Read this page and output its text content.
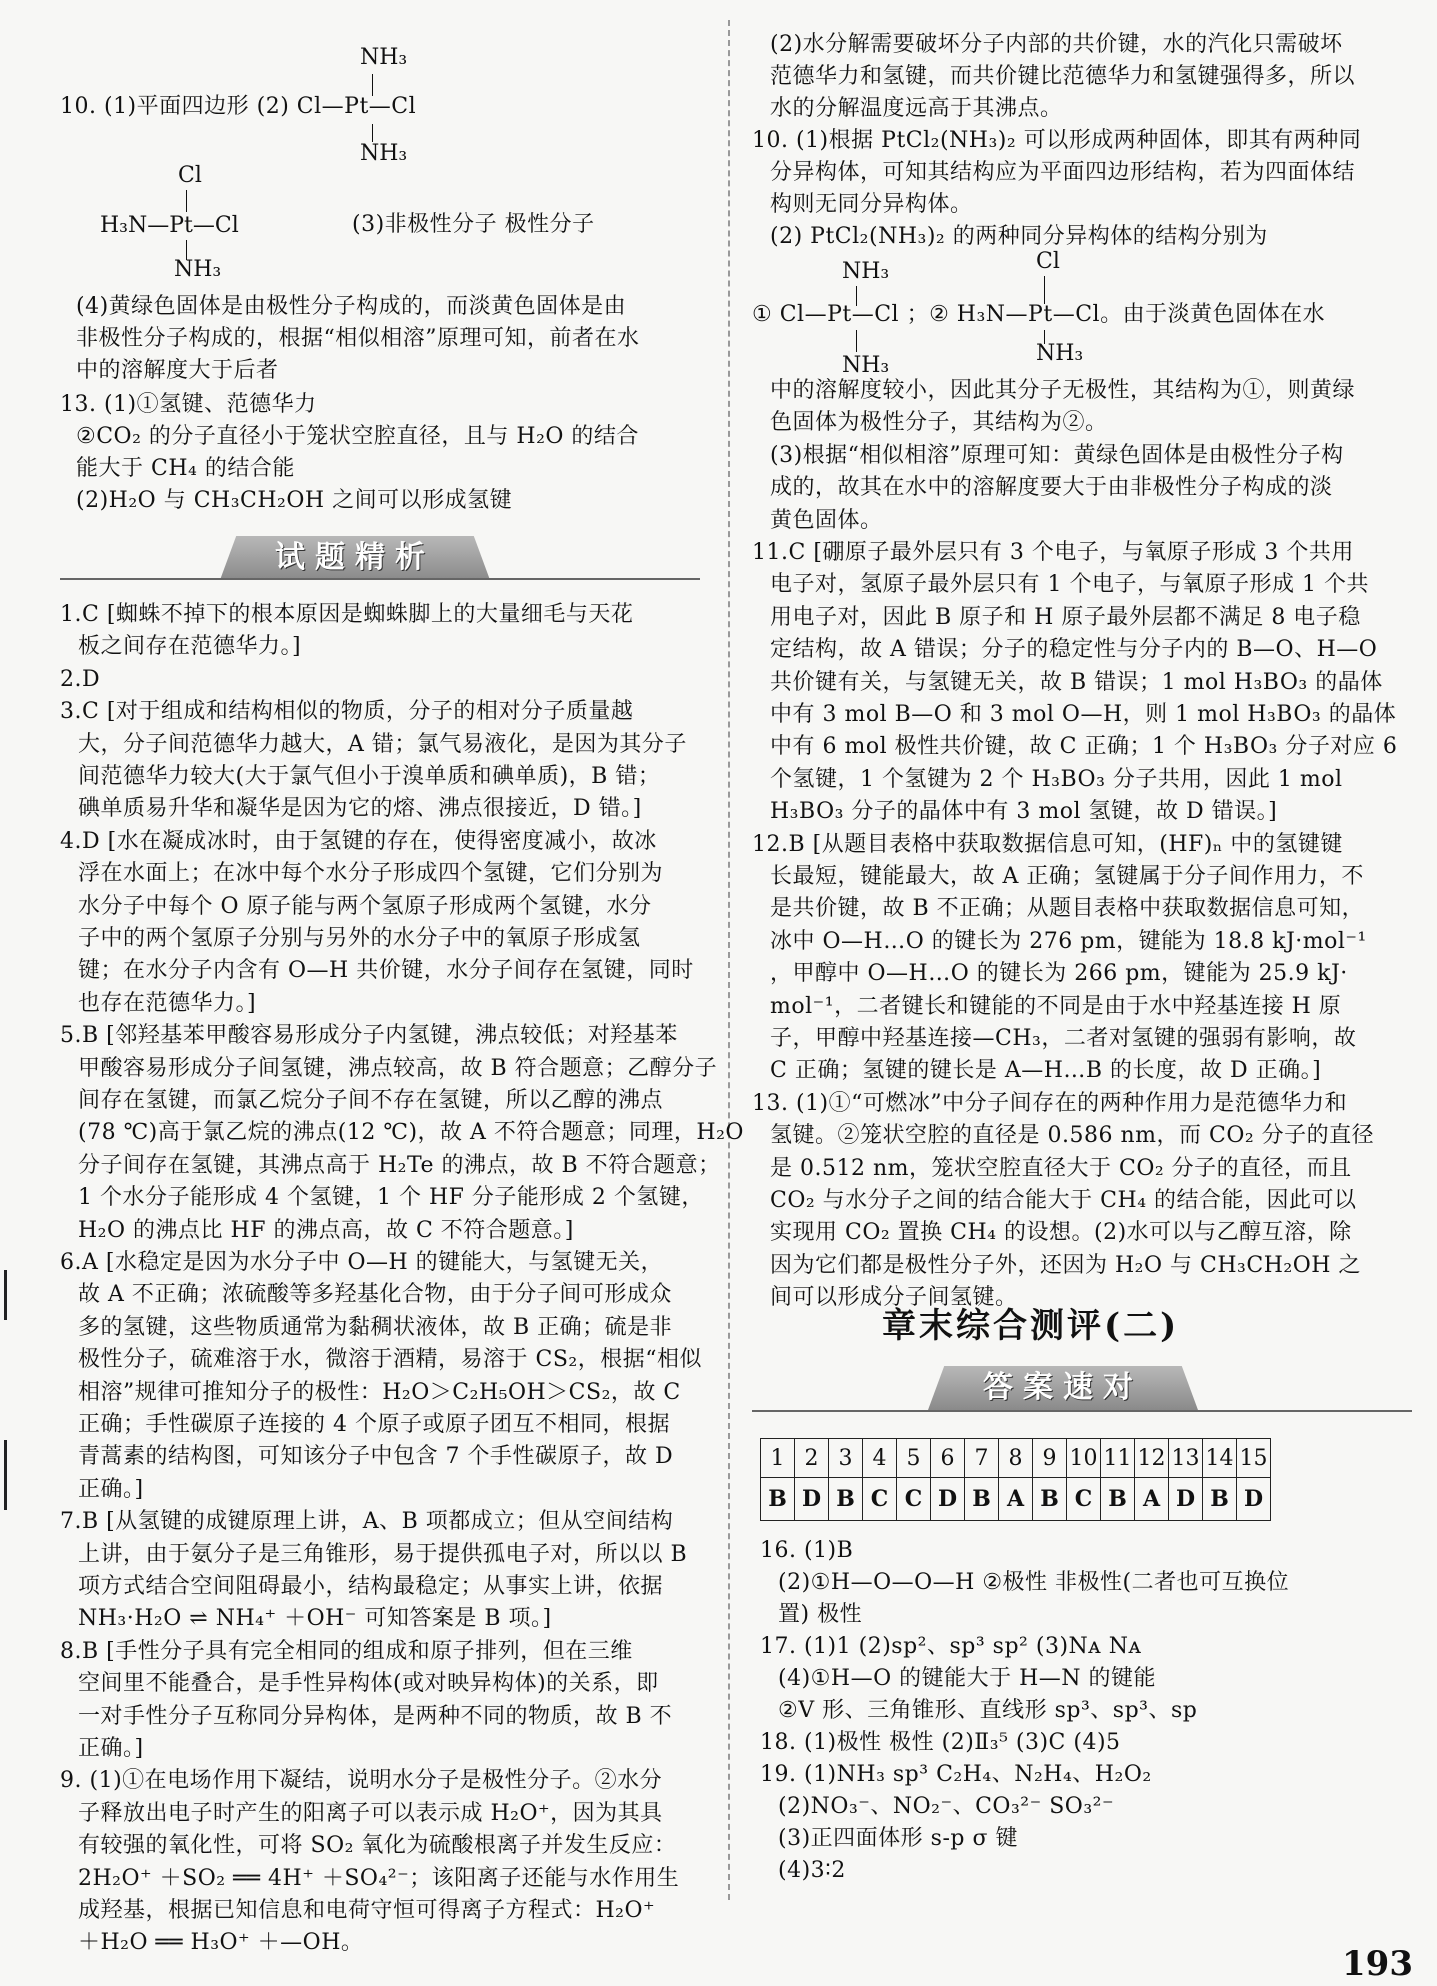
NH₃
10. (1)平面四边形 (2) Cl—Pt—Cl
NH₃
Cl
H₃N—Pt—Cl	(3)非极性分子 极性分子
NH₃
(4)黄绿色固体是由极性分子构成的，而淡黄色固体是由
非极性分子构成的，根据“相似相溶”原理可知，前者在水
中的溶解度大于后者
13. (1)①氢键、范德华力
②CO₂ 的分子直径小于笼状空腔直径，且与 H₂O 的结合
能大于 CH₄ 的结合能
(2)H₂O 与 CH₃CH₂OH 之间可以形成氢键
试题精析
1.C [蜘蛛不掉下的根本原因是蜘蛛脚上的大量细毛与天花
板之间存在范德华力。]
2.D
3.C [对于组成和结构相似的物质，分子的相对分子质量越
大，分子间范德华力越大，A 错；氯气易液化，是因为其分子
间范德华力较大(大于氯气但小于溴单质和碘单质)，B 错；
碘单质易升华和凝华是因为它的熔、沸点很接近，D 错。]
4.D [水在凝成冰时，由于氢键的存在，使得密度减小，故冰
浮在水面上；在冰中每个水分子形成四个氢键，它们分别为
水分子中每个 O 原子能与两个氢原子形成两个氢键，水分
子中的两个氢原子分别与另外的水分子中的氧原子形成氢
键；在水分子内含有 O—H 共价键，水分子间存在氢键，同时
也存在范德华力。]
5.B [邻羟基苯甲酸容易形成分子内氢键，沸点较低；对羟基苯
甲酸容易形成分子间氢键，沸点较高，故 B 符合题意；乙醇分子
间存在氢键，而氯乙烷分子间不存在氢键，所以乙醇的沸点
(78 ℃)高于氯乙烷的沸点(12 ℃)，故 A 不符合题意；同理，H₂O
分子间存在氢键，其沸点高于 H₂Te 的沸点，故 B 不符合题意；
1 个水分子能形成 4 个氢键，1 个 HF 分子能形成 2 个氢键，
H₂O 的沸点比 HF 的沸点高，故 C 不符合题意。]
6.A [水稳定是因为水分子中 O—H 的键能大，与氢键无关，
故 A 不正确；浓硫酸等多羟基化合物，由于分子间可形成众
多的氢键，这些物质通常为黏稠状液体，故 B 正确；硫是非
极性分子，硫难溶于水，微溶于酒精，易溶于 CS₂，根据“相似
相溶”规律可推知分子的极性：H₂O＞C₂H₅OH＞CS₂，故 C
正确；手性碳原子连接的 4 个原子或原子团互不相同，根据
青蒿素的结构图，可知该分子中包含 7 个手性碳原子，故 D
正确。]
7.B [从氢键的成键原理上讲，A、B 项都成立；但从空间结构
上讲，由于氨分子是三角锥形，易于提供孤电子对，所以以 B
项方式结合空间阻碍最小，结构最稳定；从事实上讲，依据
NH₃·H₂O ⇌ NH₄⁺ ＋OH⁻ 可知答案是 B 项。]
8.B [手性分子具有完全相同的组成和原子排列，但在三维
空间里不能叠合，是手性异构体(或对映异构体)的关系，即
一对手性分子互称同分异构体，是两种不同的物质，故 B 不
正确。]
9. (1)①在电场作用下凝结，说明水分子是极性分子。②水分
子释放出电子时产生的阳离子可以表示成 H₂O⁺，因为其具
有较强的氧化性，可将 SO₂ 氧化为硫酸根离子并发生反应：
2H₂O⁺ ＋SO₂ ══ 4H⁺ ＋SO₄²⁻；该阳离子还能与水作用生
成羟基，根据已知信息和电荷守恒可得离子方程式：H₂O⁺
＋H₂O ══ H₃O⁺ ＋—OH。
(2)水分解需要破坏分子内部的共价键，水的汽化只需破坏
范德华力和氢键，而共价键比范德华力和氢键强得多，所以
水的分解温度远高于其沸点。
10. (1)根据 PtCl₂(NH₃)₂ 可以形成两种固体，即其有两种同
分异构体，可知其结构应为平面四边形结构，若为四面体结
构则无同分异构体。
(2) PtCl₂(NH₃)₂ 的两种同分异构体的结构分别为
NH₃	Cl
① Cl—Pt—Cl ；② H₃N—Pt—Cl。由于淡黄色固体在水
NH₃
NH₃
中的溶解度较小，因此其分子无极性，其结构为①，则黄绿
色固体为极性分子，其结构为②。
(3)根据“相似相溶”原理可知：黄绿色固体是由极性分子构
成的，故其在水中的溶解度要大于由非极性分子构成的淡
黄色固体。
11.C [硼原子最外层只有 3 个电子，与氧原子形成 3 个共用
电子对，氢原子最外层只有 1 个电子，与氧原子形成 1 个共
用电子对，因此 B 原子和 H 原子最外层都不满足 8 电子稳
定结构，故 A 错误；分子的稳定性与分子内的 B—O、H—O
共价键有关，与氢键无关，故 B 错误；1 mol H₃BO₃ 的晶体
中有 3 mol B—O 和 3 mol O—H，则 1 mol H₃BO₃ 的晶体
中有 6 mol 极性共价键，故 C 正确；1 个 H₃BO₃ 分子对应 6
个氢键，1 个氢键为 2 个 H₃BO₃ 分子共用，因此 1 mol
H₃BO₃ 分子的晶体中有 3 mol 氢键，故 D 错误。]
12.B [从题目表格中获取数据信息可知，(HF)ₙ 中的氢键键
长最短，键能最大，故 A 正确；氢键属于分子间作用力，不
是共价键，故 B 不正确；从题目表格中获取数据信息可知，
冰中 O—H…O 的键长为 276 pm，键能为 18.8 kJ·mol⁻¹
，甲醇中 O—H…O 的键长为 266 pm，键能为 25.9 kJ·
mol⁻¹，二者键长和键能的不同是由于水中羟基连接 H 原
子，甲醇中羟基连接—CH₃，二者对氢键的强弱有影响，故
C 正确；氢键的键长是 A—H…B 的长度，故 D 正确。]
13. (1)①“可燃冰”中分子间存在的两种作用力是范德华力和
氢键。②笼状空腔的直径是 0.586 nm，而 CO₂ 分子的直径
是 0.512 nm，笼状空腔直径大于 CO₂ 分子的直径，而且
CO₂ 与水分子之间的结合能大于 CH₄ 的结合能，因此可以
实现用 CO₂ 置换 CH₄ 的设想。(2)水可以与乙醇互溶，除
因为它们都是极性分子外，还因为 H₂O 与 CH₃CH₂OH 之
间可以形成分子间氢键。
章末综合测评(二)
答案速对
1	2	3	4	5	6	7	8	9	10	11	12	13	14	15
B	D	B	C	C	D	B	A	B	C	B	A	D	B	D
16. (1)B
(2)①H—O—O—H ②极性 非极性(二者也可互换位
置) 极性
17. (1)1 (2)sp²、sp³ sp² (3)Nᴀ Nᴀ
(4)①H—O 的键能大于 H—N 的键能
②V 形、三角锥形、直线形 sp³、sp³、sp
18. (1)极性 极性 (2)Ⅱ₃⁵ (3)C (4)5
19. (1)NH₃ sp³ C₂H₄、N₂H₄、H₂O₂
(2)NO₃⁻、NO₂⁻、CO₃²⁻ SO₃²⁻
(3)正四面体形 s-p σ 键
(4)3∶2
193
